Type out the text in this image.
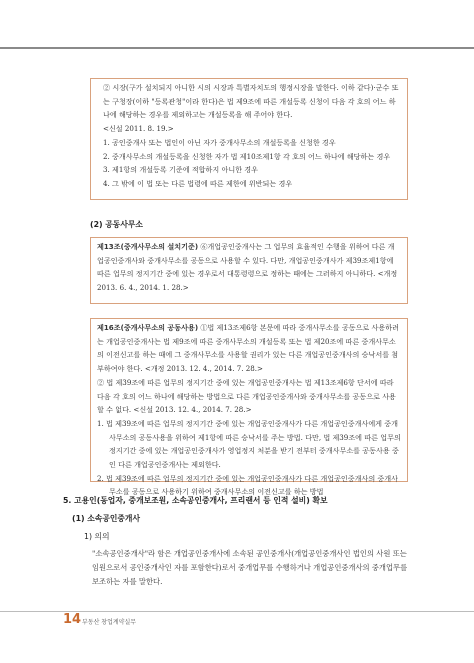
② 시장(구가 설치되지 아니한 시의 시장과 특별자치도의 행정시장을 말한다. 이하 같다)·군수 또는 구청장(이하 "등록관청"이라 한다)은 법 제9조에 따른 개설등록 신청이 다음 각 호의 어느 하나에 해당하는 경우를 제외하고는 개설등록을 해 주어야 한다.

<신설 2011. 8. 19.>

1. 공인중개사 또는 법인이 아닌 자가 중개사무소의 개설등록을 신청한 경우

2. 중개사무소의 개설등록을 신청한 자가 법 제10조제1항 각 호의 어느 하나에 해당하는 경우

3. 제1항의 개설등록 기준에 적합하지 아니한 경우

4. 그 밖에 이 법 또는 다른 법령에 따른 제한에 위반되는 경우

(2) 공동사무소

제13조(중개사무소의 설치기준) ⑥개업공인중개사는 그 업무의 효율적인 수행을 위하여 다른 개업공인중개사와 중개사무소를 공동으로 사용할 수 있다. 다만, 개업공인중개사가 제39조제1항에 따른 업무의 정지기간 중에 있는 경우로서 대통령령으로 정하는 때에는 그러하지 아니하다. <개정 2013. 6. 4., 2014. 1. 28.>

제16조(중개사무소의 공동사용) ①법 제13조제6항 본문에 따라 중개사무소를 공동으로 사용하려는 개업공인중개사는 법 제9조에 따른 중개사무소의 개설등록 또는 법 제20조에 따른 중개사무소의 이전신고를 하는 때에 그 중개사무소를 사용할 권리가 있는 다른 개업공인중개사의 승낙서를 첨부하여야 한다. <개정 2013. 12. 4., 2014. 7. 28.>

② 법 제39조에 따른 업무의 정지기간 중에 있는 개업공인중개사는 법 제13조제6항 단서에 따라 다음 각 호의 어느 하나에 해당하는 방법으로 다른 개업공인중개사와 중개사무소를 공동으로 사용할 수 없다. <신설 2013. 12. 4., 2014. 7. 28.>

1. 법 제39조에 따른 업무의 정지기간 중에 있는 개업공인중개사가 다른 개업공인중개사에게 중개사무소의 공동사용을 위하여 제1항에 따른 승낙서를 주는 방법. 다만, 법 제39조에 따른 업무의 정지기간 중에 있는 개업공인중개사가 영업정지 처분을 받기 전부터 중개사무소를 공동사용 중인 다른 개업공인중개사는 제외한다.

2. 법 제39조에 따른 업무의 정지기간 중에 있는 개업공인중개사가 다른 개업공인중개사의 중개사무소를 공동으로 사용하기 위하여 중개사무소의 이전신고를 하는 방법

5. 고용인(동업자, 중개보조원, 소속공인중개사, 프리랜서 등 인적 설비) 확보
(1) 소속공인중개사
1) 의의

"소속공인중개사"라 함은 개업공인중개사에 소속된 공인중개사(개업공인중개사인 법인의 사원 또는 임원으로서 공인중개사인 자를 포함한다)로서 중개업무를 수행하거나 개업공인중개사의 중개업무를 보조하는 자를 말한다.

14 부동산 창업계약실무
